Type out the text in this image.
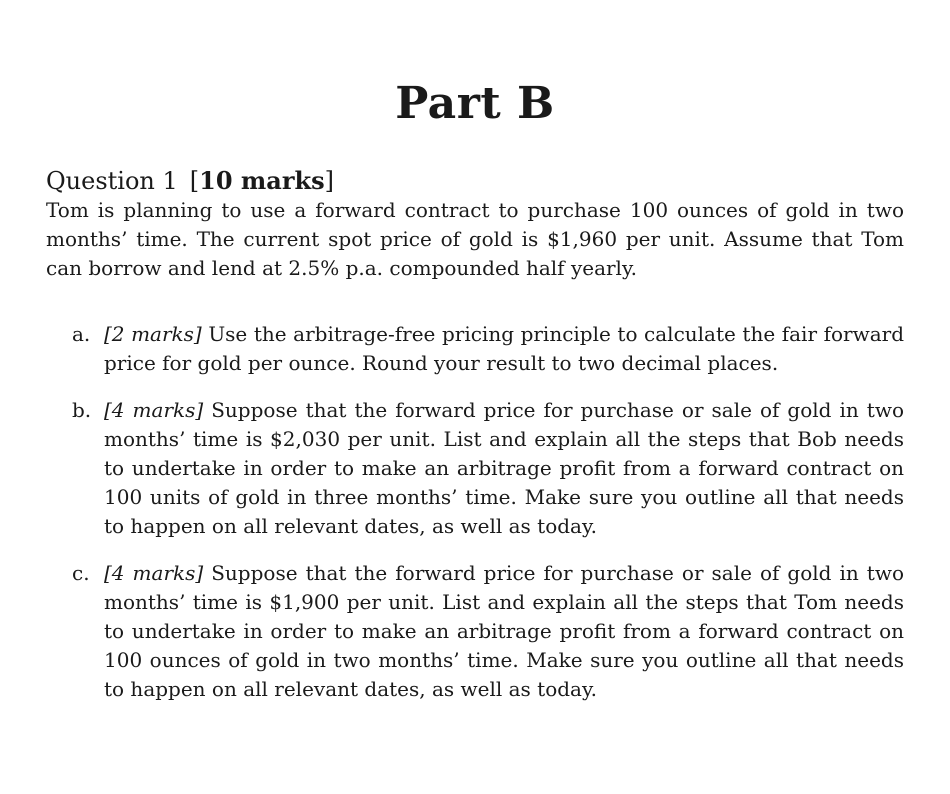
Part B

Question 1 [10 marks]

Tom is planning to use a forward contract to purchase 100 ounces of gold in two months’ time. The current spot price of gold is $1,960 per unit. Assume that Tom can borrow and lend at 2.5% p.a. compounded half yearly.

a. [2 marks] Use the arbitrage-free pricing principle to calculate the fair forward price for gold per ounce. Round your result to two decimal places.
b. [4 marks] Suppose that the forward price for purchase or sale of gold in two months’ time is $2,030 per unit. List and explain all the steps that Bob needs to undertake in order to make an arbitrage profit from a forward contract on 100 units of gold in three months’ time. Make sure you outline all that needs to happen on all relevant dates, as well as today.
c. [4 marks] Suppose that the forward price for purchase or sale of gold in two months’ time is $1,900 per unit. List and explain all the steps that Tom needs to undertake in order to make an arbitrage profit from a forward contract on 100 ounces of gold in two months’ time. Make sure you outline all that needs to happen on all relevant dates, as well as today.
